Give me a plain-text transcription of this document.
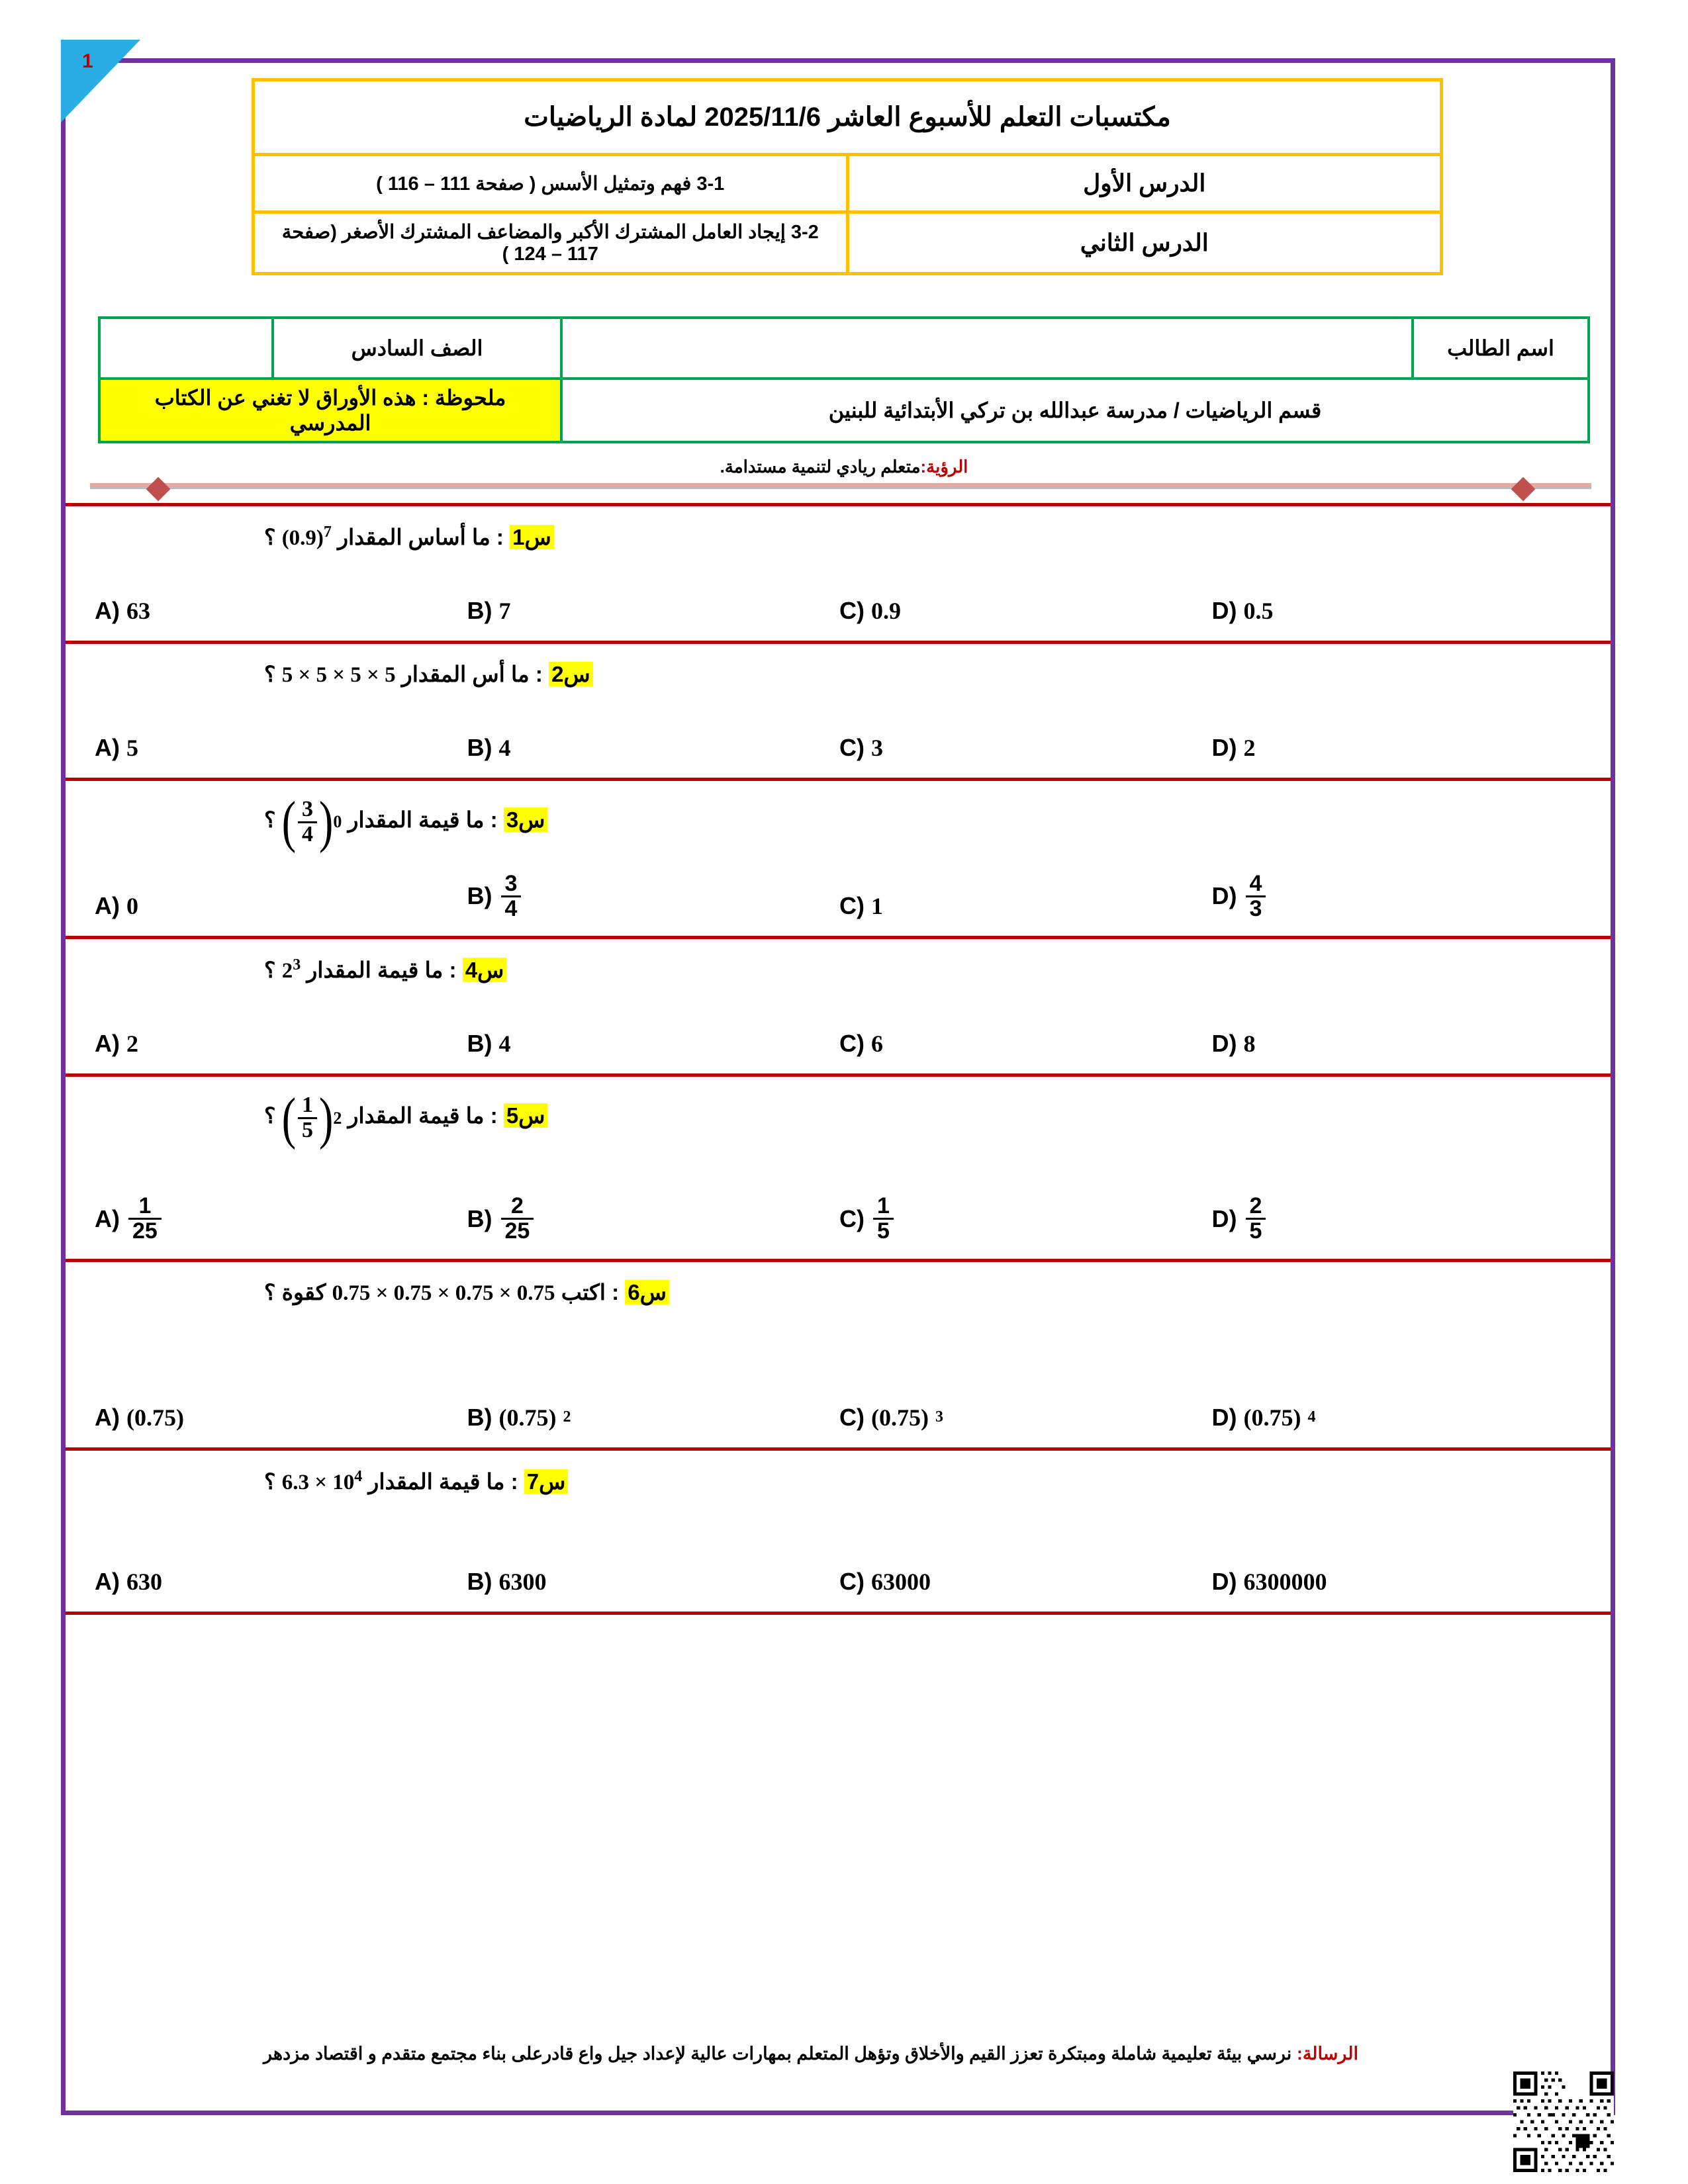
1
مكتسبات التعلم للأسبوع العاشر 2025/11/6 لمادة الرياضيات	
الدرس الأول	3-1 فهم وتمثيل الأسس ( صفحة 111 – 116 )
الدرس الثاني	3-2 إيجاد العامل المشترك الأكبر والمضاعف المشترك الأصغر (صفحة 117 – 124 )
اسم الطالب		الصف السادس	
قسم الرياضيات / مدرسة عبدالله بن تركي الأبتدائية للبنين		ملحوظة : هذه الأوراق لا تغني عن الكتاب المدرسي	
الرؤية:متعلم ريادي لتنمية مستدامة.
س1 : ما أساس المقدار $(0.9)^7$ ؟
A) 63	B) 7	C) 0.9	D) 0.5
س2 : ما أس المقدار 5 × 5 × 5 × 5 ؟
A) 5	B) 4	C) 3	D) 2
س3 : ما قيمة المقدار
( $\frac{3}{4}$ ) 0
؟
A) 0	$B) \frac{3}{4}$	C) 1	$D) \frac{4}{3}$
س4 : ما قيمة المقدار $2^3$ ؟
A) 2	B) 4	C) 6	D) 8
س5 : ما قيمة المقدار
( $\frac{1}{5}$ ) 2
؟
$A) \frac{1}{25}$	$B) \frac{2}{25}$	$C) \frac{1}{5}$	$D) \frac{2}{5}$
س6 : اكتب 0.75 × 0.75 × 0.75 × 0.75 كقوة ؟
A) (0.75)	B) (0.75) 2	C) (0.75) 3	D) (0.75) 4
س7 : ما قيمة المقدار $6.3 \times 10^4$ ؟
A) 630	B) 6300	C) 63000	D) 6300000
الرسالة: نرسي بيئة تعليمية شاملة ومبتكرة تعزز القيم والأخلاق وتؤهل المتعلم بمهارات عالية لإعداد جيل واع قادرعلى بناء مجتمع متقدم و اقتصاد مزدهر
